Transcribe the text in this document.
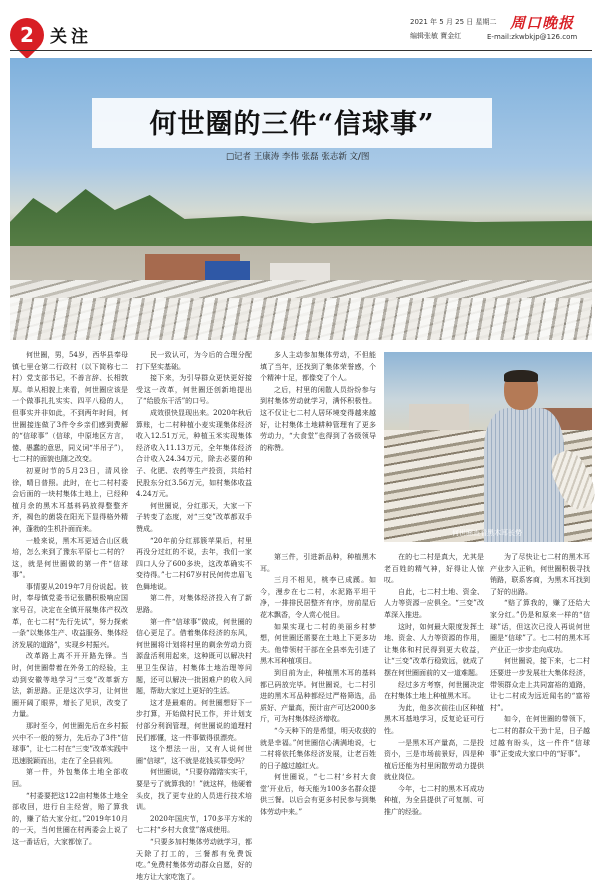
2 关注
2021 年 5 月 25 日 星期二
编辑张敏 寶金红
周口晚报
E-mail:zkwbkjp@126.com
何世圈的三件“信球事”
□记者 王康涛 李伟 张磊 张志新 文/图

何世圈，男，54岁，西华县奉母镇七里仓第二行政村（以下简称七二村）党支部书记，不善言辞、长相敦厚。单从相貌上来看，何世圈应该是一个做事扎扎实实、四平八稳的人，但事实并非如此，不到两年时间，何世圈接连做了3件令乡亲们感到费解的“信球事”（信球，中原地区方言，傻、愚蠢的意思，同义词“半吊子”），七二村的面貌也随之改变。

初夏时节的5月23日，清风徐徐，晴日普照。此时，在七二村村委会后面的一块村集体土地上，已经种植月余的黑木耳基料码放得整整齐齐，褐色的菌袋在阳光下显得格外精神，蓬勃的生机扑面而来。

一般来说，黑木耳更适合山区栽培，怎么来到了豫东平原七二村的？这，就是何世圈做的第一件“信球事”。

事情要从2019年7月份说起。彼时，奉母镇党委书记张鹏积极响应国家号召，决定在全镇开展集体产权改革，在七二村“先行先试”，努力探索一条“以集体生产、收益服务、集体经济发展的道路”，实现乡村振兴。

改革路上离不开开路先锋。当时，何世圈带着在外务工的经验，主动到安徽等地学习“三变”改革新方法，新思路。正是这次学习，让何世圈开阔了眼界，增长了见识，改变了力量。

那时至今，何世圈先后在乡村振兴中不一般的努力，先后办了3件“信球事”，让七二村在“三变”改革实践中迅速脱颖而出，走在了全县前列。

第一件，外包集体土地全部收回。

“村委要把这122亩村集体土地全部收回，进行自主经营，赔了算我的，赚了给大家分红。”2019年10月的一天，当何世圈在村两委会上说了这一番话后，大家都惊了。

民一致认可，为今后的合理分配打下坚实基础。

接下来，为引导群众更快更好接受这一改革，何世圈还创新地提出了“给股东干活”的口号。

成效很快显现出来。2020年秋后算账，七二村种植小麦实现集体经济收入12.51万元，种植玉米实现集体经济收入11.13万元，全年集体经济合计收入24.34万元，除去必要的种子、化肥、农药等生产投资，共给村民股东分红3.56万元，如村集体收益4.24万元。

何世圈说，分红那天，大家一下子转变了态度，对“三变”改革都双手赞成。

“20年前分红那簇苹果后，村里再没分过红的不说，去年，我们一家四口人分了600多块，这改革确实不变待得。”七二村67岁村民何传忠眉飞色舞地说。

第二件，对集体经济投入有了新思路。

第一件“信球事”做成，何世圈的信心更足了。借着集体经济的东风，何世圈将计划将村里的剩余劳动力资源盘活利用起来，这种既可以解决村里卫生保洁，村集体土地治理等问题，还可以解决一批困难户的收入问题，帮助大家过上更好的生活。

这才是最难的。何世圈想好下一步打算，开始做村民工作，并计划支付部分利润管理，何世圈说的道理村民们都懂，这一件事做得很漂亮。

这个想法一出，又有人说何世圈“信球”，这不就是花钱买罪受吗？

何世圈说，“只要你踏踏实实干，要是亏了就算我的！”就这样，他硬着头皮，找了更专业的人员进行技术培训。

2020年国庆节，170多平方米的七二村“乡村大食堂”落成使用。

“只要多加村集体劳动就学习，都天除了打工的，三餐都有免费饭吃。”免费村集体劳动群众自愿，好的地方让大家吃饱了。

多人主动参加集体劳动，不但能填了当年，还找到了集体荣誉感，个个精神十足，都像变了个人。

之后，村里的闲散人员纷纷参与到村集体劳动就学习，满怀积极性。这不仅让七二村人居环境变得越来越好，让村集体土地耕种管理有了更多劳动力，“大食堂”也得到了各级领导的称赞。

第三件，引进新品种，种植黑木耳。

三月不相见，桃李已成蹊。如今，漫步在七二村，水泥路平坦干净，一排排民居整齐有序，房前屋后花木飘香，令人赏心悦目。

如果实现七二村的美丽乡村梦想，何世圈还需要在土地上下更多功夫。他带领村干部在全县率先引进了黑木耳种植项目。

到目前为止，种植黑木耳的基料都已码放完毕。何世圈说，七二村引进的黑木耳品种都经过严格筛选，品质好、产量高，预计亩产可达2000多斤，可为村集体经济增收。

“今天种下的是希望，明天收获的就是幸福。”何世圈信心满满地说，七二村将依托集体经济发展，让老百姓的日子越过越红火。

何世圈说，“七二村‘乡村大食堂’开业后，每天能为100多名群众提供三餐。以后会有更多村民参与到集体劳动中来。”

在的七二村是真大，尤其是老百姓的精气神，好得让人惊叹。

自此，七二村土地、资金、人力等资源一应俱全。“三变”改革深入推进。

这时，如何最大限度发挥土地、资金、人力等资源的作用，让集体和村民得到更大收益，让“三变”改革行稳致远，就成了摆在何世圈面前的又一道难题。

经过多方考察，何世圈决定在村集体土地上种植黑木耳。

为此，他多次前往山区种植黑木耳基地学习，反复论证可行性。

一是黑木耳产量高，二是投资小，三是市场前景好，四是种植后还能为村里闲散劳动力提供就业岗位。

今年，七二村的黑木耳成功种植，为全县提供了可复制、可推广的经验。

为了尽快让七二村的黑木耳产业步入正轨，何世圈积极寻找销路，联系客商，为黑木耳找到了好的出路。

“赔了算我的，赚了还给大家分红。”仍是和原来一样的“信球”话，但这次已没人再说何世圈是“信球”了。七二村的黑木耳产业正一步步走向成功。

何世圈说，接下来，七二村还要进一步发展壮大集体经济，带领群众走上共同富裕的道路，让七二村成为远近闻名的“富裕村”。

如今，在何世圈的带领下，七二村的群众干劲十足，日子越过越有盼头，这一件件“信球事”正变成大家口中的“好事”。

何世圈查看黑木耳长势
